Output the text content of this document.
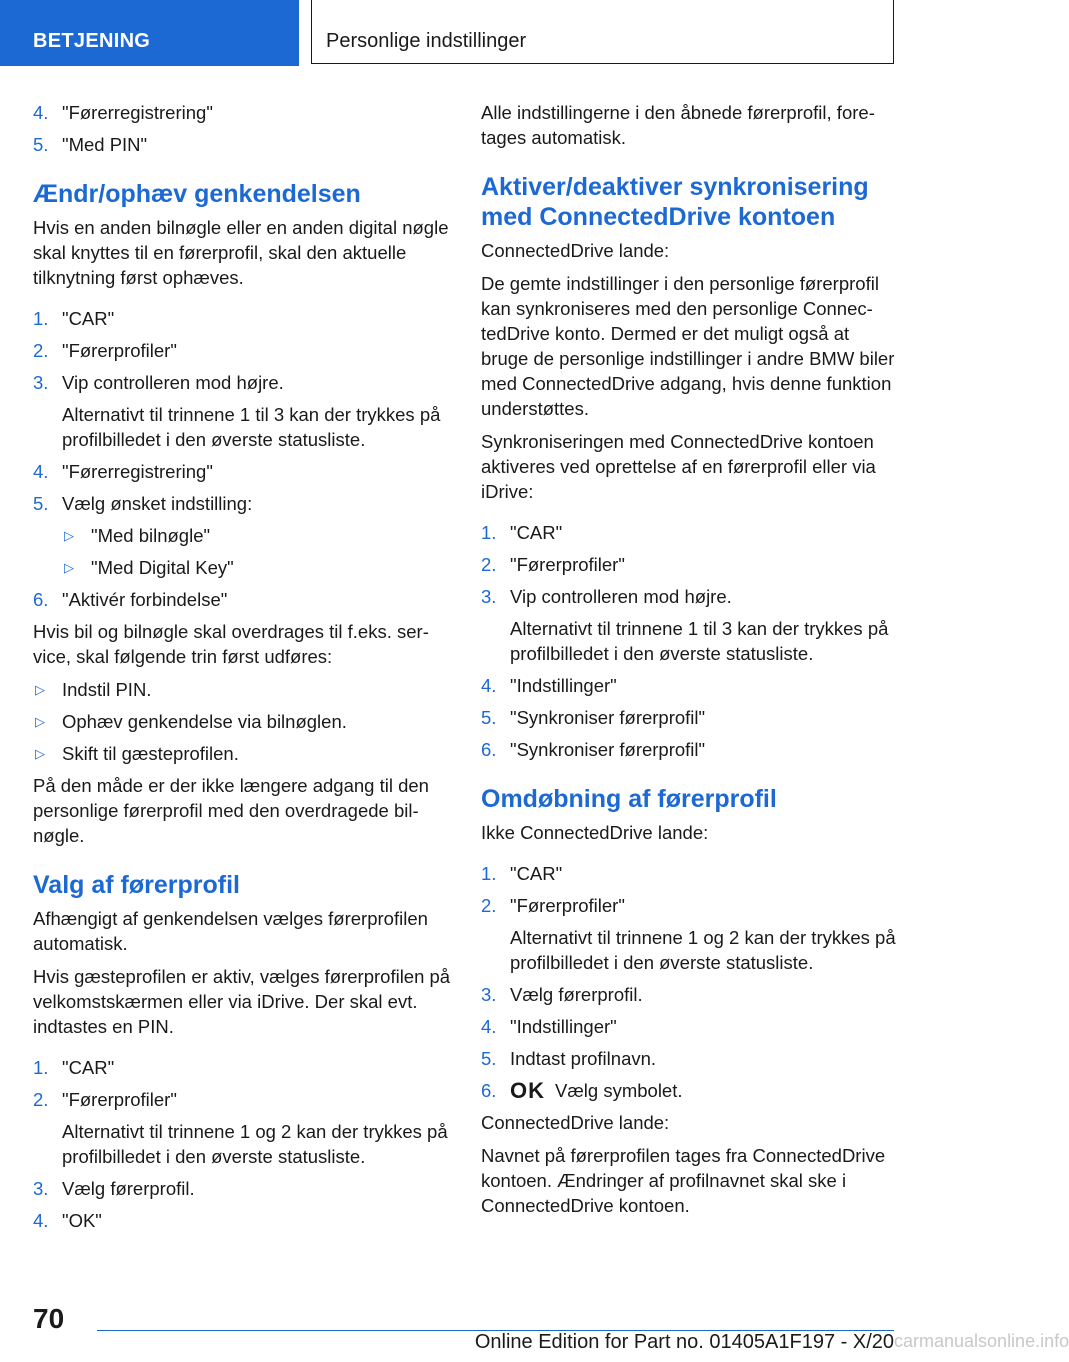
BETJENING	Personlige indstillinger
4. "Førerregistrering"
5. "Med PIN"
Ændr/ophæv genkendelsen
Hvis en anden bilnøgle eller en anden digital nøgle skal knyttes til en førerprofil, skal den aktuelle tilknytning først ophæves.
1. "CAR"
2. "Førerprofiler"
3. Vip controlleren mod højre.
Alternativt til trinnene 1 til 3 kan der trykkes på profilbilledet i den øverste statusliste.
4. "Førerregistrering"
5. Vælg ønsket indstilling:
▷ "Med bilnøgle"
▷ "Med Digital Key"
6. "Aktivér forbindelse"
Hvis bil og bilnøgle skal overdrages til f.eks. service, skal følgende trin først udføres:
▷ Indstil PIN.
▷ Ophæv genkendelse via bilnøglen.
▷ Skift til gæsteprofilen.
På den måde er der ikke længere adgang til den personlige førerprofil med den overdragede bilnøgle.
Valg af førerprofil
Afhængigt af genkendelsen vælges førerprofilen automatisk.
Hvis gæsteprofilen er aktiv, vælges førerprofilen på velkomstskærmen eller via iDrive. Der skal evt. indtastes en PIN.
1. "CAR"
2. "Førerprofiler"
Alternativt til trinnene 1 og 2 kan der trykkes på profilbilledet i den øverste statusliste.
3. Vælg førerprofil.
4. "OK"
Alle indstillingerne i den åbnede førerprofil, foretages automatisk.
Aktiver/deaktiver synkronisering med ConnectedDrive kontoen
ConnectedDrive lande:
De gemte indstillinger i den personlige førerprofil kan synkroniseres med den personlige ConnectedDrive konto. Dermed er det muligt også at bruge de personlige indstillinger i andre BMW biler med ConnectedDrive adgang, hvis denne funktion understøttes.
Synkroniseringen med ConnectedDrive kontoen aktiveres ved oprettelse af en førerprofil eller via iDrive:
1. "CAR"
2. "Førerprofiler"
3. Vip controlleren mod højre.
Alternativt til trinnene 1 til 3 kan der trykkes på profilbilledet i den øverste statusliste.
4. "Indstillinger"
5. "Synkroniser førerprofil"
6. "Synkroniser førerprofil"
Omdøbning af førerprofil
Ikke ConnectedDrive lande:
1. "CAR"
2. "Førerprofiler"
Alternativt til trinnene 1 og 2 kan der trykkes på profilbilledet i den øverste statusliste.
3. Vælg førerprofil.
4. "Indstillinger"
5. Indtast profilnavn.
6. OK Vælg symbolet.
ConnectedDrive lande:
Navnet på førerprofilen tages fra ConnectedDrive kontoen. Ændringer af profilnavnet skal ske i ConnectedDrive kontoen.
70
Online Edition for Part no. 01405A1F197 - X/20 carmanualsonline.info
